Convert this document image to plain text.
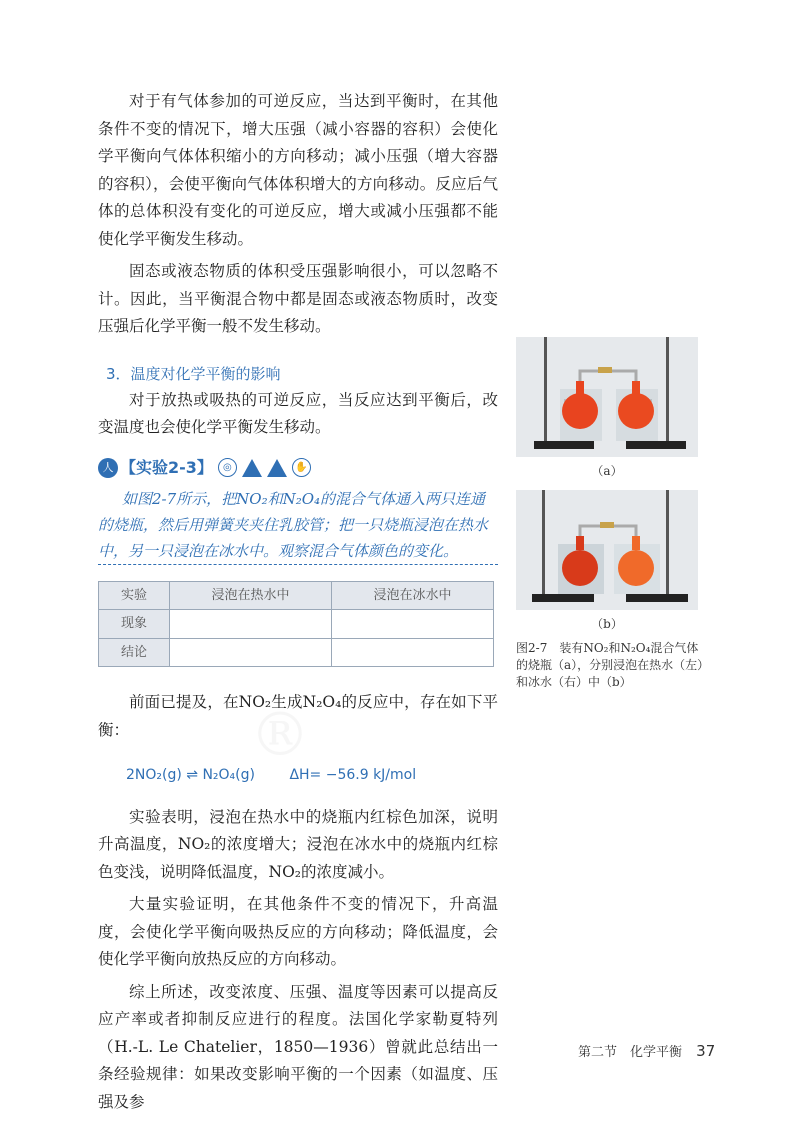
对于有气体参加的可逆反应，当达到平衡时，在其他条件不变的情况下，增大压强（减小容器的容积）会使化学平衡向气体体积缩小的方向移动；减小压强（增大容器的容积），会使平衡向气体体积增大的方向移动。反应后气体的总体积没有变化的可逆反应，增大或减小压强都不能使化学平衡发生移动。

固态或液态物质的体积受压强影响很小，可以忽略不计。因此，当平衡混合物中都是固态或液态物质时，改变压强后化学平衡一般不发生移动。

3．温度对化学平衡的影响

对于放热或吸热的可逆反应，当反应达到平衡后，改变温度也会使化学平衡发生移动。

人 【实验2-3】	◎	✋
如图2-7所示，把NO₂和N₂O₄的混合气体通入两只连通的烧瓶，然后用弹簧夹夹住乳胶管；把一只烧瓶浸泡在热水中，另一只浸泡在冰水中。观察混合气体颜色的变化。
实验	浸泡在热水中	浸泡在冰水中
现象		
结论		

前面已提及，在NO₂生成N₂O₄的反应中，存在如下平衡：

2NO₂(g) ⇌ N₂O₄(g) ΔH= −56.9 kJ/mol

实验表明，浸泡在热水中的烧瓶内红棕色加深，说明升高温度，NO₂的浓度增大；浸泡在冰水中的烧瓶内红棕色变浅，说明降低温度，NO₂的浓度减小。

大量实验证明，在其他条件不变的情况下，升高温度，会使化学平衡向吸热反应的方向移动；降低温度，会使化学平衡向放热反应的方向移动。

综上所述，改变浓度、压强、温度等因素可以提高反应产率或者抑制反应进行的程度。法国化学家勒夏特列（H.-L. Le Chatelier，1850—1936）曾就此总结出一条经验规律：如果改变影响平衡的一个因素（如温度、压强及参

（a）
（b）
图2-7　装有NO₂和N₂O₄混合气体的烧瓶（a），分别浸泡在热水（左）和冰水（右）中（b）
®
第二节　化学平衡 37
